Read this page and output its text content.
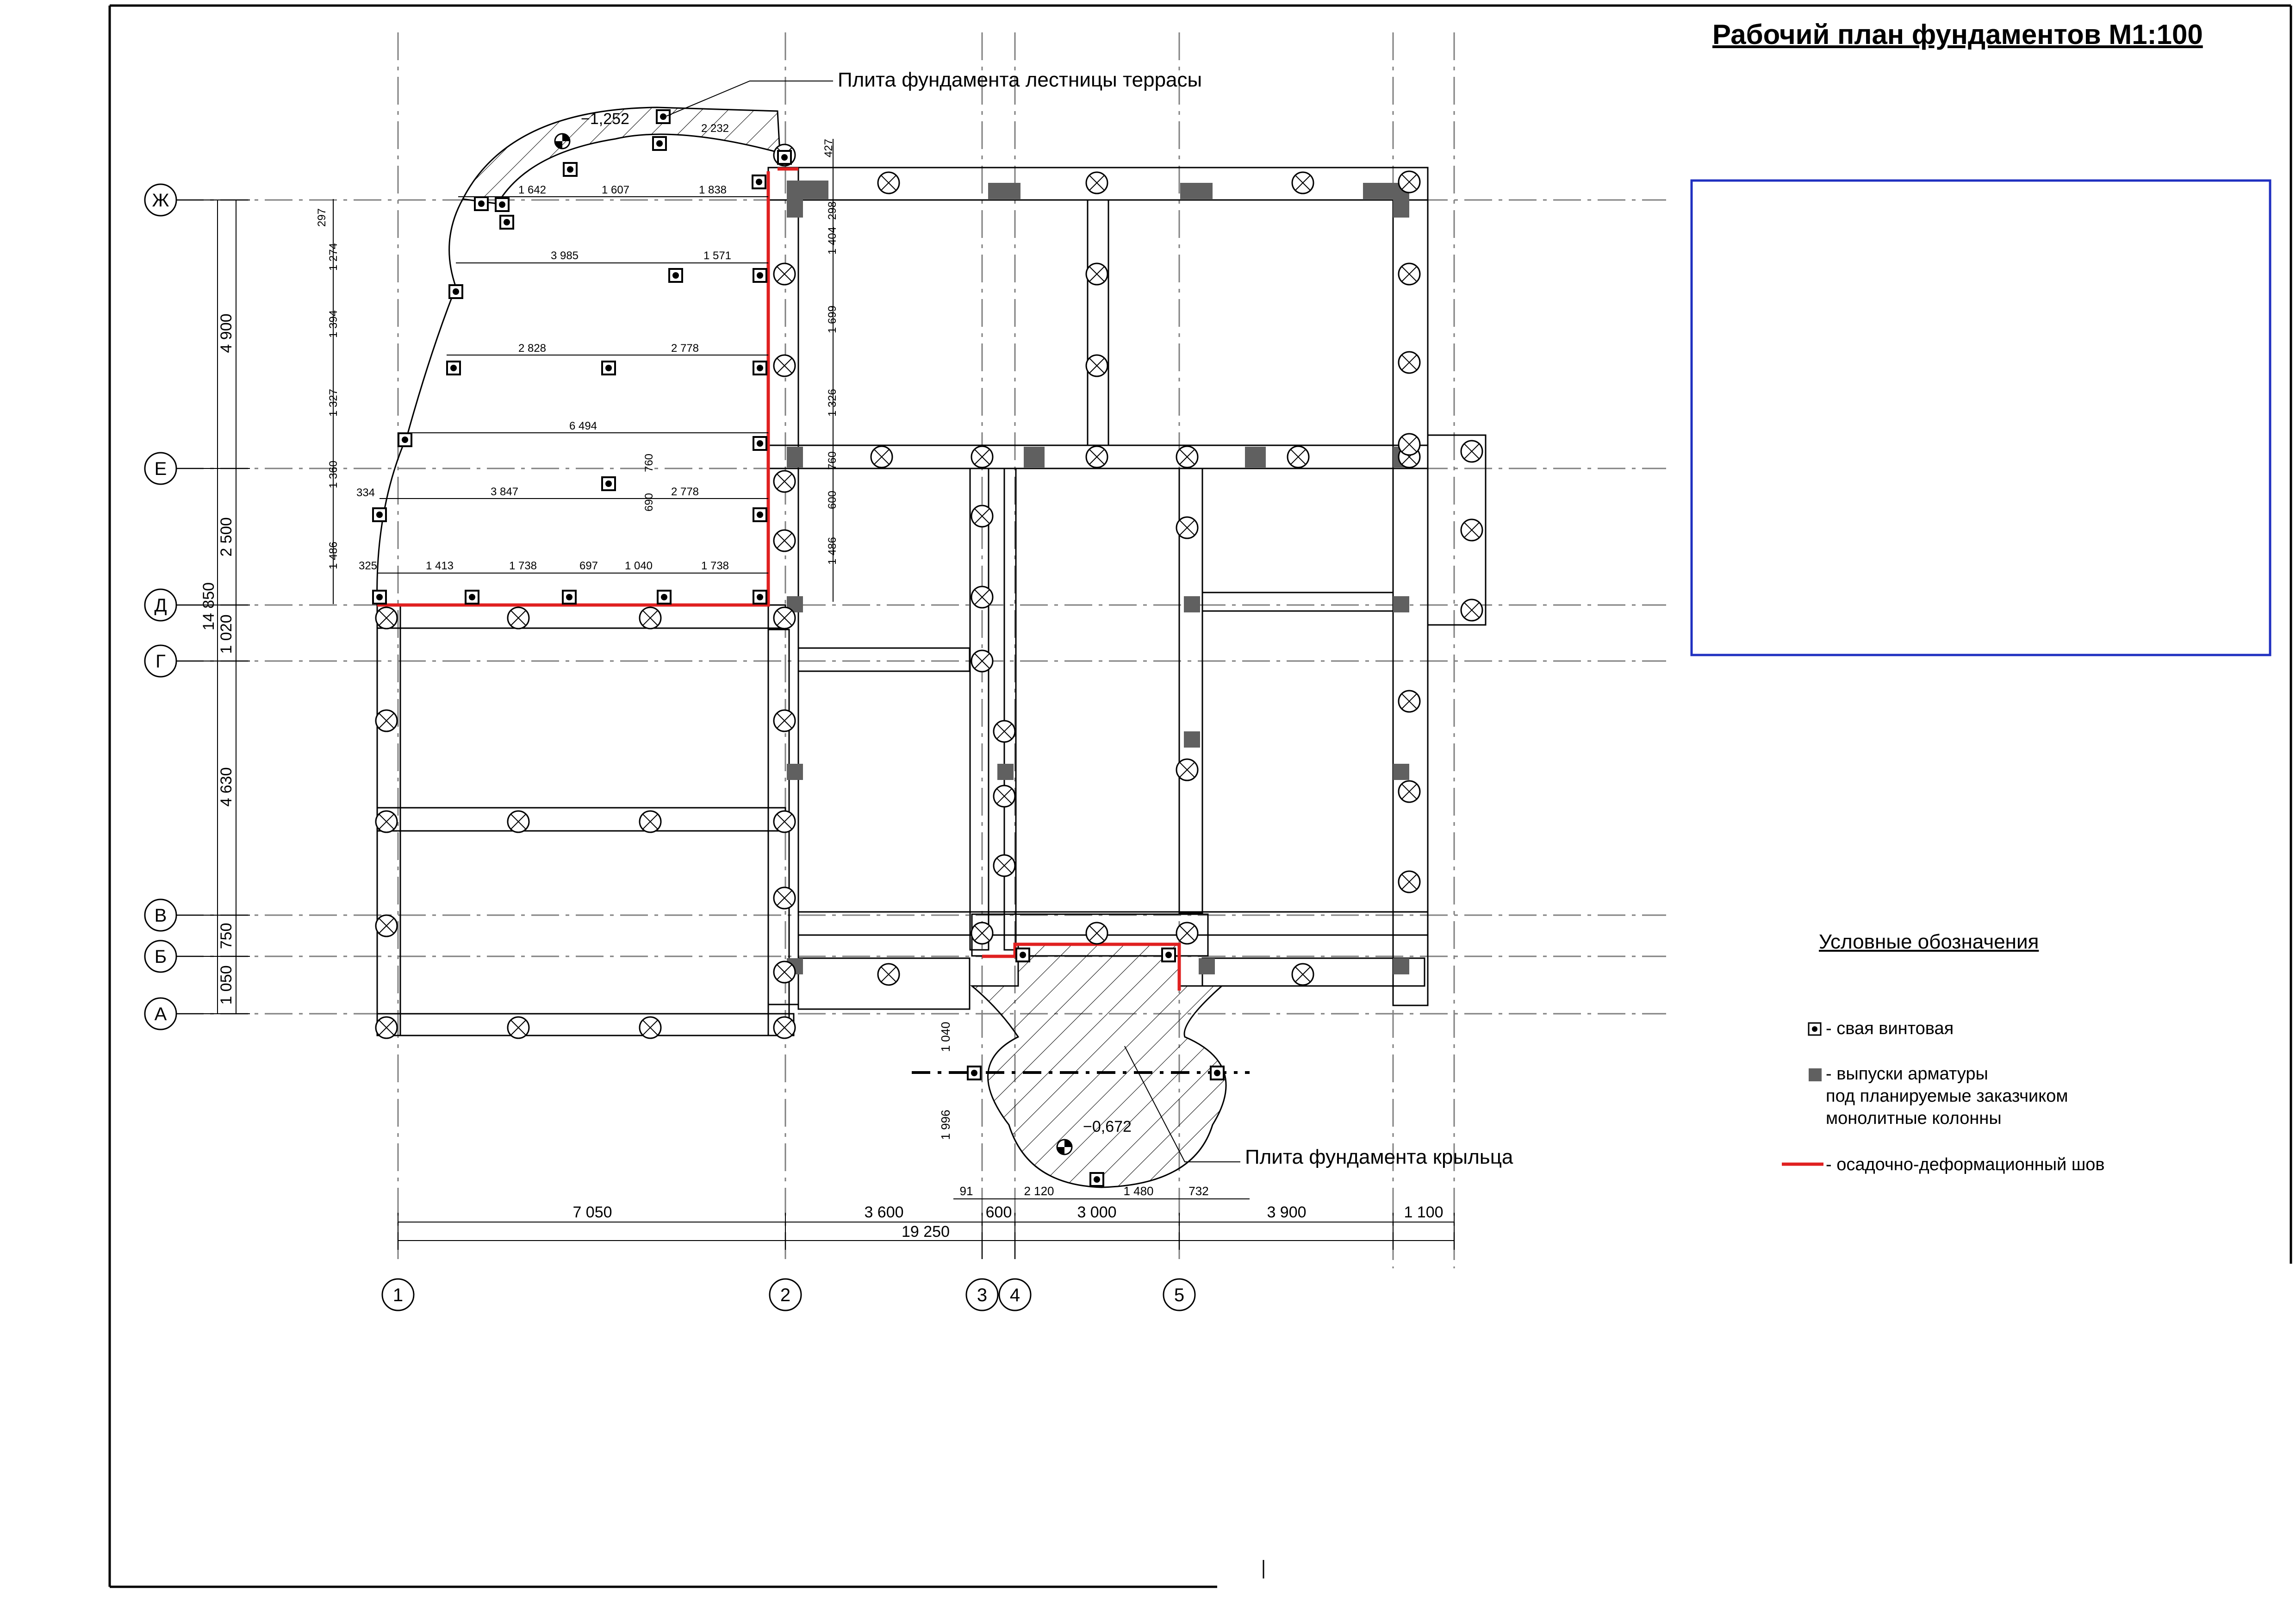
4 900
2 500
1 020
4 630
750
1 050
14 850
7 050	3 600	600	3 000	3 900	1 100
19 250
91	2 120	1 480	732
1 040
1 996
1 642	1 607	1 838
3 985	1 571
2 828	2 778
6 494
3 847	2 778
1 413	1 738	697 1 040	1 738
2 232
297
1 274
1 394
1 327
1 360
1 486
334
325
760
690
1 404
1 699
1 326
760
600
1 486
427
298
−1,252
−0,672
Ж
Е
Д
Г
В
Б
А
1	2	3 4	5
Рабочий план фундаментов М1:100
Плита фундамента лестницы террасы
Плита фундамента крыльца
Условные обозначения
- свая винтовая
- выпуски арматуры
под планируемые заказчиком
монолитные колонны
- осадочно-деформационный шов
